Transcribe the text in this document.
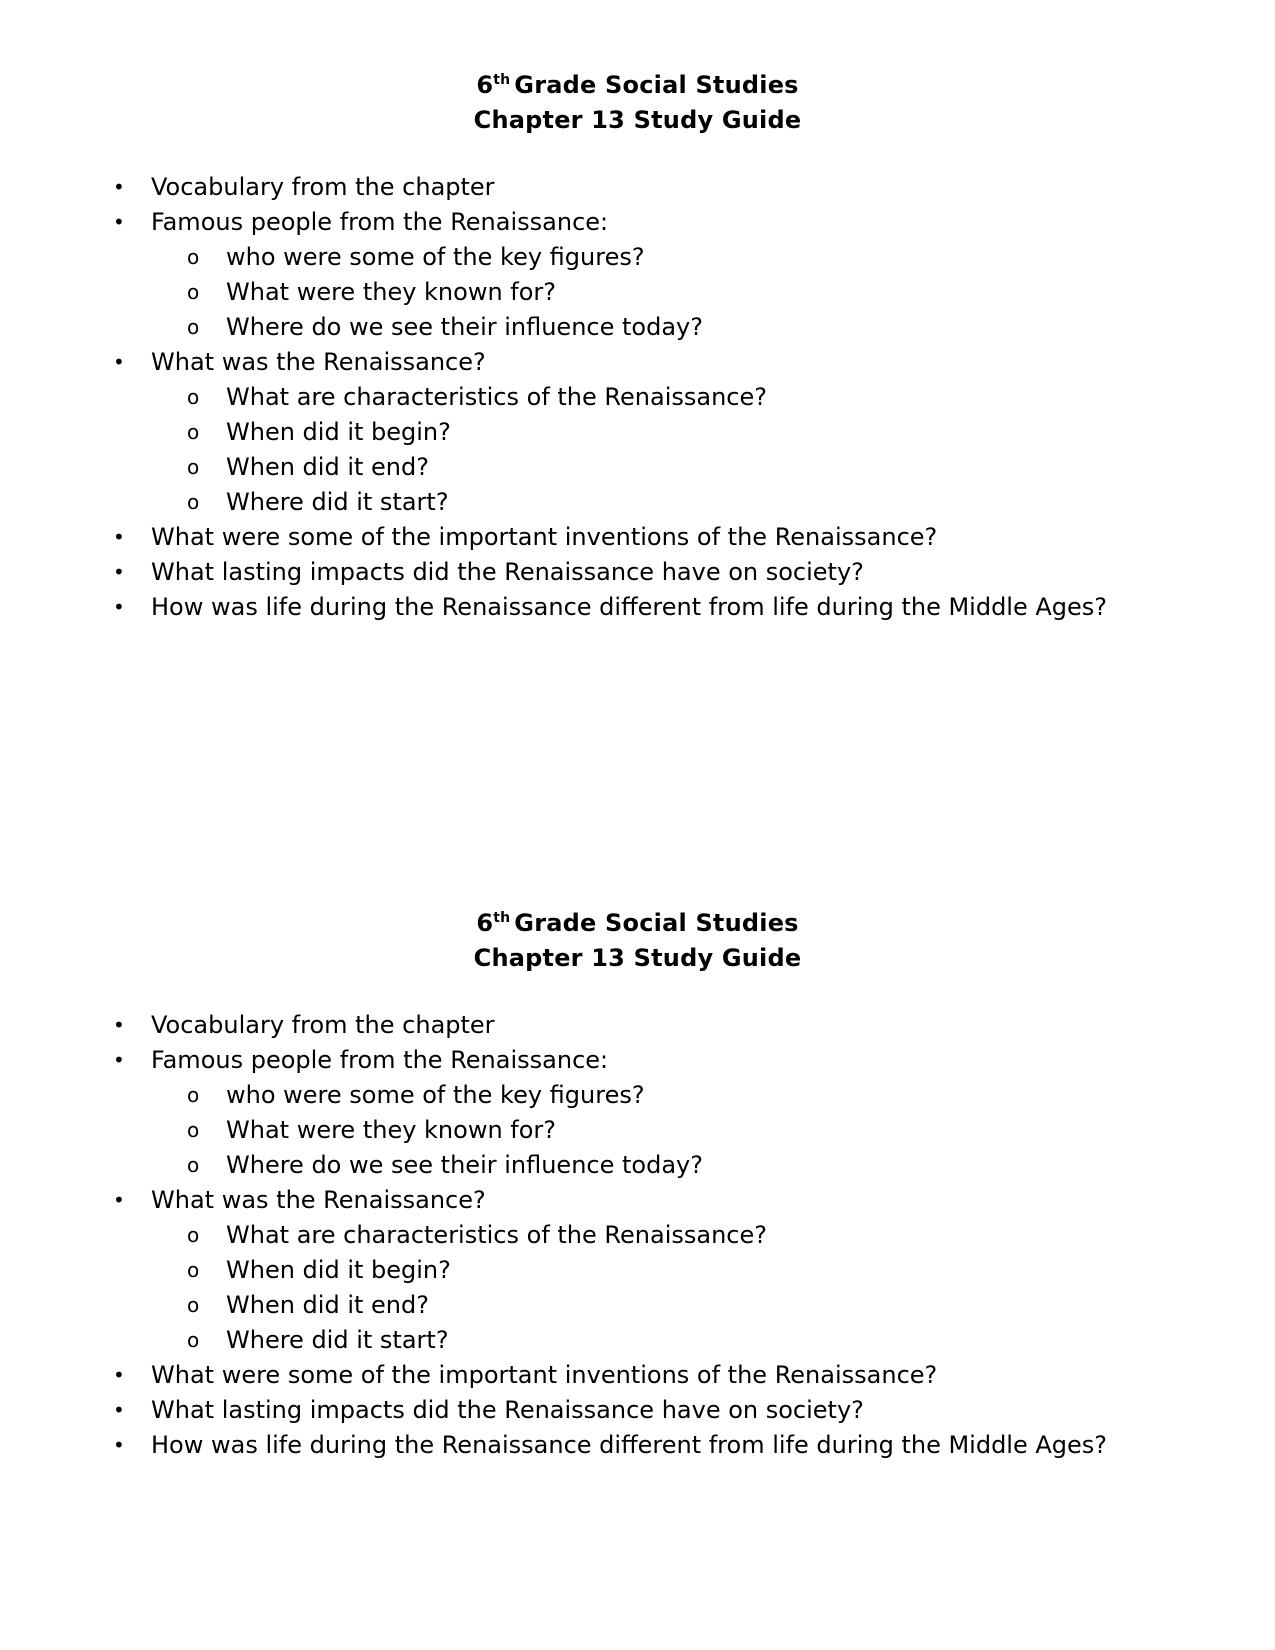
6th Grade Social Studies
Chapter 13 Study Guide
• Vocabulary from the chapter
• Famous people from the Renaissance:
o who were some of the key figures?
o What were they known for?
o Where do we see their influence today?
• What was the Renaissance?
o What are characteristics of the Renaissance?
o When did it begin?
o When did it end?
o Where did it start?
• What were some of the important inventions of the Renaissance?
• What lasting impacts did the Renaissance have on society?
• How was life during the Renaissance different from life during the Middle Ages?
6th Grade Social Studies
Chapter 13 Study Guide
• Vocabulary from the chapter
• Famous people from the Renaissance:
o who were some of the key figures?
o What were they known for?
o Where do we see their influence today?
• What was the Renaissance?
o What are characteristics of the Renaissance?
o When did it begin?
o When did it end?
o Where did it start?
• What were some of the important inventions of the Renaissance?
• What lasting impacts did the Renaissance have on society?
• How was life during the Renaissance different from life during the Middle Ages?
